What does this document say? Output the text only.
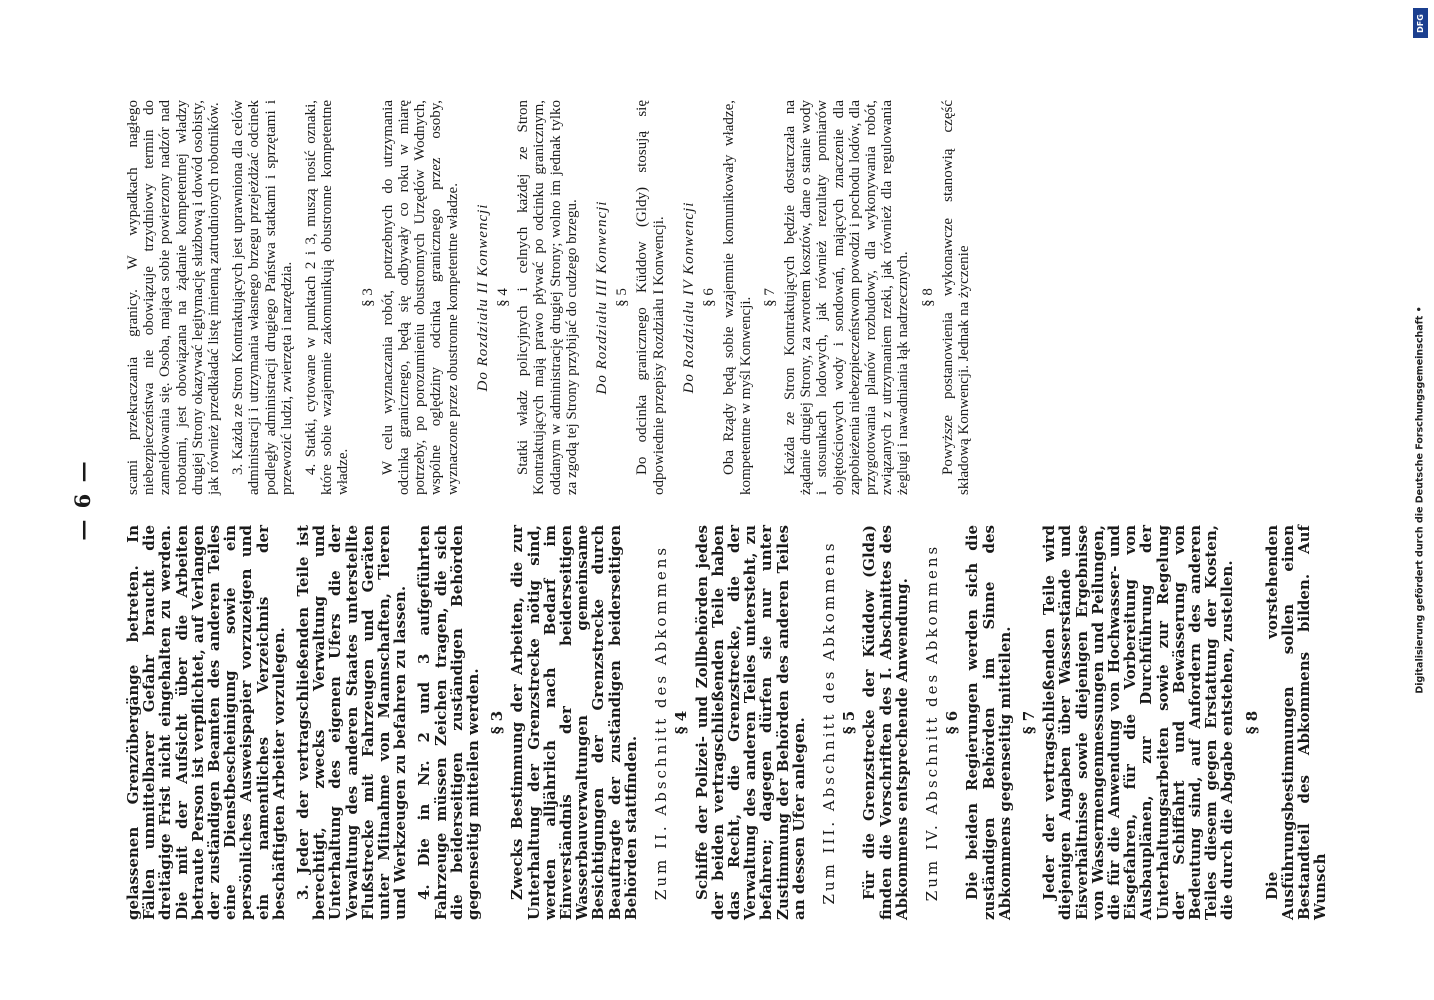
— 6 —

gelassenen Grenzübergänge betreten. In Fällen unmittelbarer Gefahr braucht die dreitägige Frist nicht eingehalten zu werden. Die mit der Aufsicht über die Arbeiten betraute Person ist verpflichtet, auf Verlangen der zuständigen Beamten des anderen Teiles eine Dienstbescheinigung sowie ein persönliches Ausweispapier vorzuzeigen und ein namentliches Verzeichnis der beschäftigten Arbeiter vorzulegen. 3. Jeder der vertragschließenden Teile ist berechtigt, zwecks Verwaltung und Unterhaltung des eigenen Ufers die der Verwaltung des anderen Staates unterstellte Flußstrecke mit Fahrzeugen und Geräten unter Mitnahme von Mannschaften, Tieren und Werkzeugen zu befahren zu lassen. 4. Die in Nr. 2 und 3 aufgeführten Fahrzeuge müssen Zeichen tragen, die sich die beiderseitigen zuständigen Behörden gegenseitig mitteilen werden. § 3 Zwecks Bestimmung der Arbeiten, die zur Unterhaltung der Grenzstrecke nötig sind, werden alljährlich nach Bedarf im Einverständnis der beiderseitigen Wasserbauverwaltungen gemeinsame Besichtigungen der Grenzstrecke durch Beauftragte der zuständigen beiderseitigen Behörden stattfinden. Zum II. Abschnitt des Abkommens § 4 Schiffe der Polizei- und Zollbehörden jedes der beiden vertragschließenden Teile haben das Recht, die Grenzstrecke, die der Verwaltung des anderen Teiles untersteht, zu befahren; dagegen dürfen sie nur unter Zustimmung der Behörden des anderen Teiles an dessen Ufer anlegen. Zum III. Abschnitt des Abkommens § 5 Für die Grenzstrecke der Küddow (Glda) finden die Vorschriften des I. Abschnittes des Abkommens entsprechende Anwendung. Zum IV. Abschnitt des Abkommens § 6 Die beiden Regierungen werden sich die zuständigen Behörden im Sinne des Abkommens gegenseitig mitteilen. § 7 Jeder der vertragschließenden Teile wird diejenigen Angaben über Wasserstände und Eisverhältnisse sowie diejenigen Ergebnisse von Wassermengenmessungen und Peilungen, die für die Anwendung von Hochwasser- und Eisgefahren, für die Vorbereitung von Ausbauplänen, zur Durchführung der Unterhaltungsarbeiten sowie zur Regelung der Schiffahrt und Bewässerung von Bedeutung sind, auf Anfordern des anderen Teiles diesem gegen Erstattung der Kosten, die durch die Abgabe entstehen, zustellen. § 8 Die vorstehenden Ausführungsbestimmungen sollen einen Bestandteil des Abkommens bilden. Auf Wunsch

scami przekraczania granicy. W wypadkach nagłego niebezpieczeństwa nie obowiązuje trzydniowy termin do zameldowania się. Osoba, mająca sobie powierzony nadzór nad robotami, jest obowiązana na żądanie kompetentnej władzy drugiej Strony okazywać legitymację służbową i dowód osobisty, jak również przedkładać listę imienną zatrudnionych robotników. 3. Każda ze Stron Kontraktujących jest uprawniona dla celów administracji i utrzymania własnego brzegu przejeżdżać odcinek podległy administracji drugiego Państwa statkami i sprzętami i przewozić ludzi, zwierzęta i narzędzia. 4. Statki, cytowane w punktach 2 i 3, muszą nosić oznaki, które sobie wzajemnie zakomunikują obustronne kompetentne władze.

§ 3 W celu wyznaczania robót, potrzebnych do utrzymania odcinka granicznego, będą się odbywały co roku w miarę potrzeby, po porozumieniu obustronnych Urzędów Wodnych, wspólne oględziny odcinka granicznego przez osoby, wyznaczone przez obustronne kompetentne władze. Do Rozdziału II Konwencji § 4 Statki władz policyjnych i celnych każdej ze Stron Kontraktujących mają prawo pływać po odcinku granicznym, oddanym w administrację drugiej Strony; wolno im jednak tylko za zgodą tej Strony przybijać do cudzego brzegu. Do Rozdziału III Konwencji § 5 Do odcinka granicznego Küddow (Gldy) stosują się odpowiednie przepisy Rozdziału I Konwencji. Do Rozdziału IV Konwencji § 6 Oba Rządy będą sobie wzajemnie komunikowały władze, kompetentne w myśl Konwencji. § 7 Każda ze Stron Kontraktujących będzie dostarczała na żądanie drugiej Strony, za zwrotem kosztów, dane o stanie wody i stosunkach lodowych, jak również rezultaty pomiarów objętościowych wody i sondowań, mających znaczenie dla zapobieżenia niebezpieczeństwom powodzi i pochodu lodów, dla przygotowania planów rozbudowy, dla wykonywania robót, związanych z utrzymaniem rzeki, jak również dla regulowania żeglugi i nawadniania łąk nadrzecznych. § 8 Powyższe postanowienia wykonawcze stanowią część składową Konwencji. Jednak na życzenie

DFG
Digitalisierung gefördert durch die Deutsche Forschungsgemeinschaft •
